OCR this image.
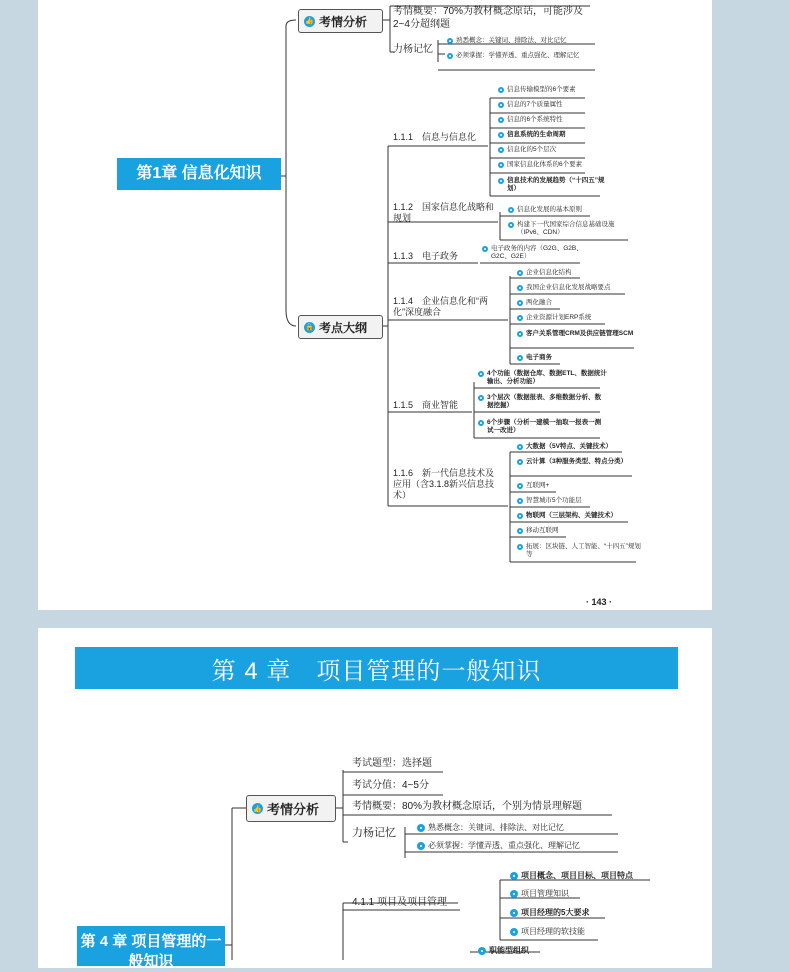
第1章 信息化知识
👍 考情分析
考情概要：70%为教材概念原话，可能涉及2~4分超纲题
力杨记忆
熟悉概念：关键词、排除法、对比记忆
必须掌握：学懂弄透、重点强化、理解记忆
🔒 考点大纲
1.1.1　信息与信息化
1.1.2　国家信息化战略和规划
1.1.3　电子政务
1.1.4　企业信息化和“两化”深度融合
1.1.5　商业智能
1.1.6　新一代信息技术及应用（含3.1.8新兴信息技术）
信息传输模型的6个要素
信息的7个质量属性
信息的6个系统特性
信息系统的生命周期
信息化的5个层次
国家信息化体系的6个要素
信息技术的发展趋势（“十四五”规划）
信息化发展的基本原则
构建下一代国家综合信息基础设施（IPv6、CDN）
电子政务的内容（G2G、G2B、G2C、G2E）
企业信息化结构
我国企业信息化发展战略要点
两化融合
企业资源计划ERP系统
客户关系管理CRM及供应链管理SCM
电子商务
4个功能（数据仓库、数据ETL、数据统计输出、分析功能）
3个层次（数据报表、多维数据分析、数据挖掘）
6个步骤（分析一建模一抽取一报表一测试一改进）
大数据（5V特点、关键技术）
云计算（3种服务类型、特点分类）
互联网+
智慧城市5个功能层
物联网（三层架构、关键技术）
移动互联网
拓展：区块链、人工智能、“十四五”规划等
· 143 ·
第 4 章　项目管理的一般知识
第 4 章 项目管理的一般知识
👍 考情分析
考试题型：选择题
考试分值：4~5分
考情概要：80%为教材概念原话，个别为情景理解题
力杨记忆	熟悉概念：关键词、排除法、对比记忆
必须掌握：学懂弄透、重点强化、理解记忆
4.1.1 项目及项目管理
项目概念、项目目标、项目特点
项目管理知识
项目经理的5大要求
项目经理的软技能
职能型组织
